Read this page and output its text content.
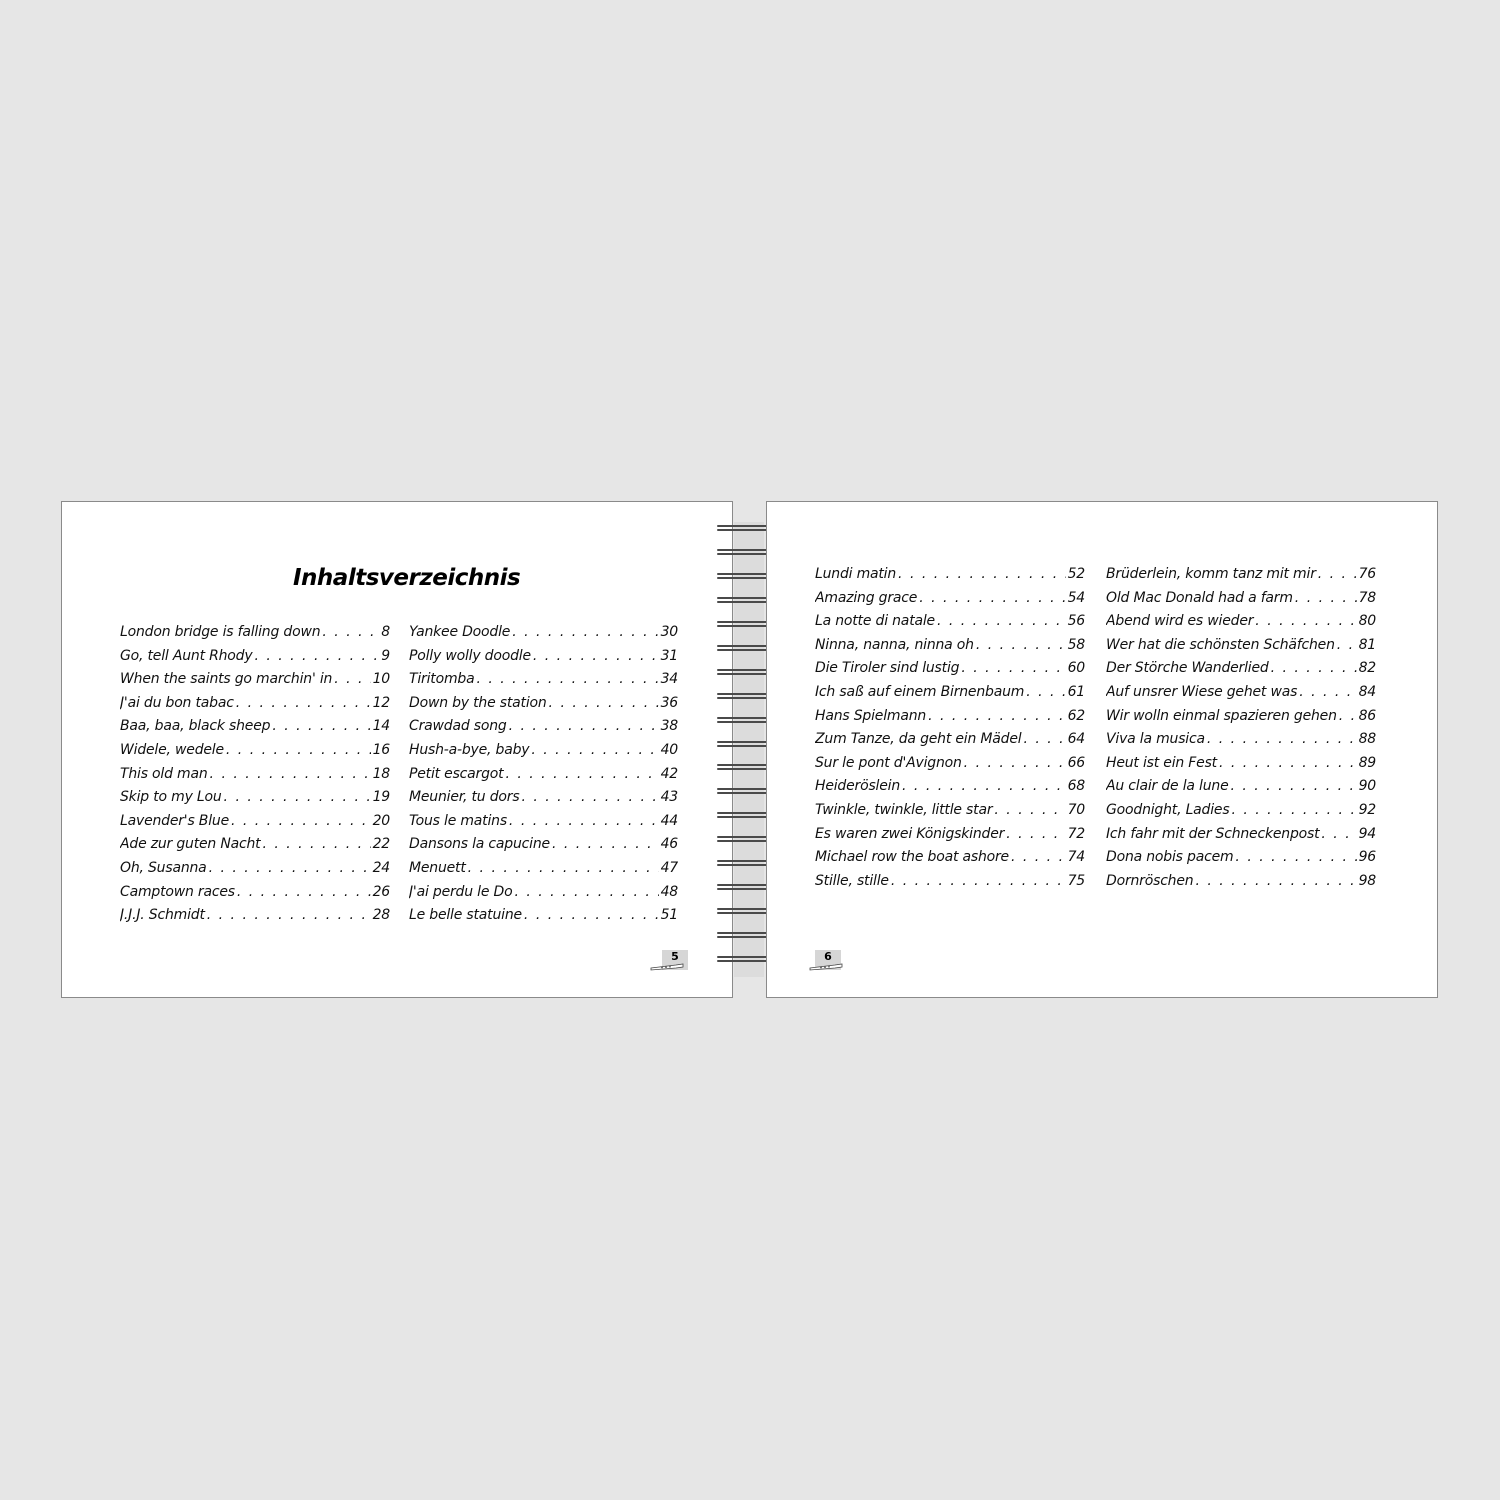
Inhaltsverzeichnis
London bridge is falling down . . .	8
Go, tell Aunt Rhody . . .	9
When the saints go marchin' in . . .	10
J'ai du bon tabac . . .	12
Baa, baa, black sheep . . .	14
Widele, wedele . . .	16
This old man . . .	18
Skip to my Lou . . .	19
Lavender's Blue . . .	20
Ade zur guten Nacht . . .	22
Oh, Susanna . . .	24
Camptown races . . .	26
J.J.J. Schmidt . . .	28
Yankee Doodle . . .	30
Polly wolly doodle . . .	31
Tiritomba . . .	34
Down by the station . . .	36
Crawdad song . . .	38
Hush-a-bye, baby . . .	40
Petit escargot . . .	42
Meunier, tu dors . . .	43
Tous le matins . . .	44
Dansons la capucine . . .	46
Menuett . . .	47
J'ai perdu le Do . . .	48
Le belle statuine . . .	51
5
Lundi matin . . .	52
Amazing grace . . .	54
La notte di natale . . .	56
Ninna, nanna, ninna oh . . .	58
Die Tiroler sind lustig . . .	60
Ich saß auf einem Birnenbaum . . .	61
Hans Spielmann . . .	62
Zum Tanze, da geht ein Mädel . . .	64
Sur le pont d'Avignon . . .	66
Heideröslein . . .	68
Twinkle, twinkle, little star . . .	70
Es waren zwei Königskinder . . .	72
Michael row the boat ashore . . .	74
Stille, stille . . .	75
Brüderlein, komm tanz mit mir . . .	76
Old Mac Donald had a farm . . .	78
Abend wird es wieder . . .	80
Wer hat die schönsten Schäfchen . . . 81
Der Störche Wanderlied . . .	82
Auf unsrer Wiese gehet was . . .	84
Wir wolln einmal spazieren gehen . . . 86
Viva la musica . . .	88
Heut ist ein Fest . . .	89
Au clair de la lune . . .	90
Goodnight, Ladies . . .	92
Ich fahr mit der Schneckenpost . . .	94
Dona nobis pacem . . .	96
Dornröschen . . .	98
6
